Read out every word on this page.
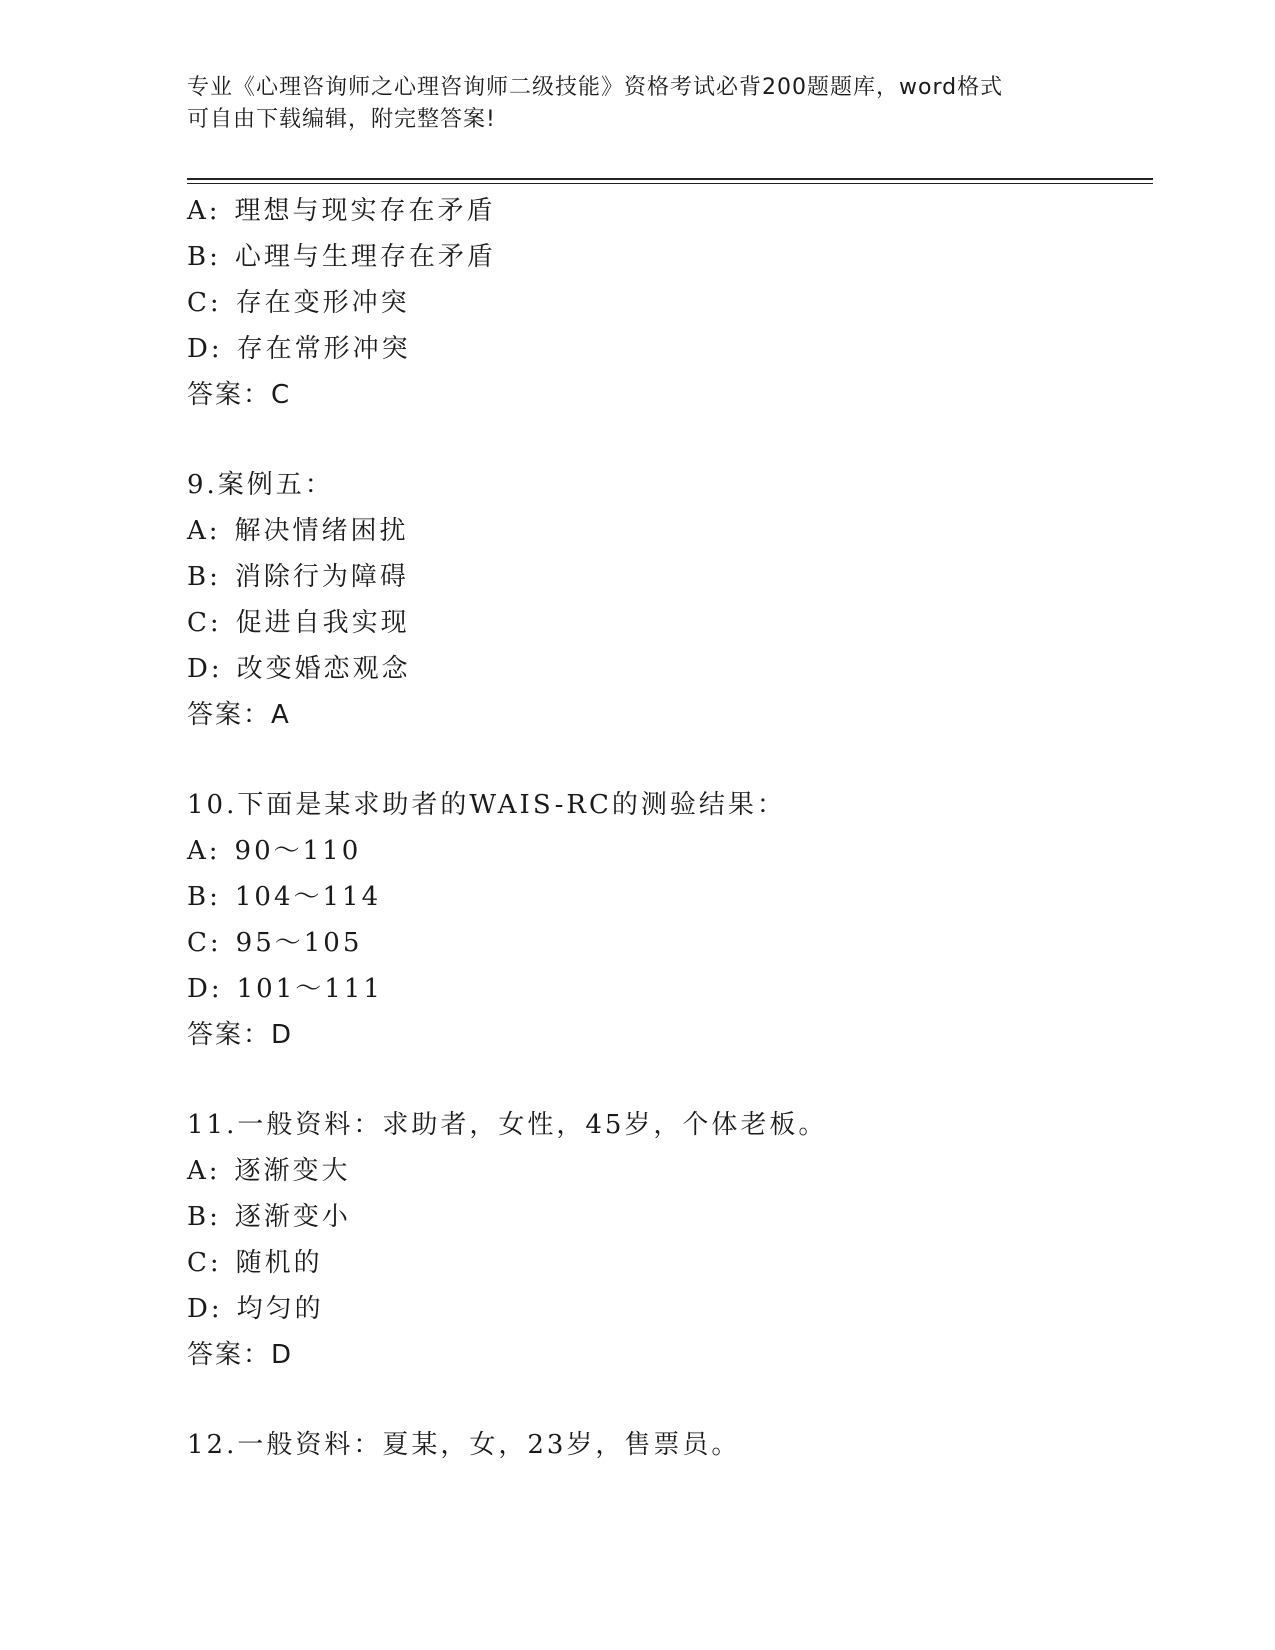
专业《心理咨询师之心理咨询师二级技能》资格考试必背200题题库，word格式
可自由下载编辑，附完整答案!
A: 理想与现实存在矛盾
B: 心理与生理存在矛盾
C: 存在变形冲突
D: 存在常形冲突
答案：C
9.案例五：
A: 解决情绪困扰
B: 消除行为障碍
C: 促进自我实现
D: 改变婚恋观念
答案：A
10.下面是某求助者的WAIS-RC的测验结果：
A: 90～110
B: 104～114
C: 95～105
D: 101～111
答案：D
11.一般资料：求助者，女性，45岁，个体老板。
A: 逐渐变大
B: 逐渐变小
C: 随机的
D: 均匀的
答案：D
12.一般资料：夏某，女，23岁，售票员。
